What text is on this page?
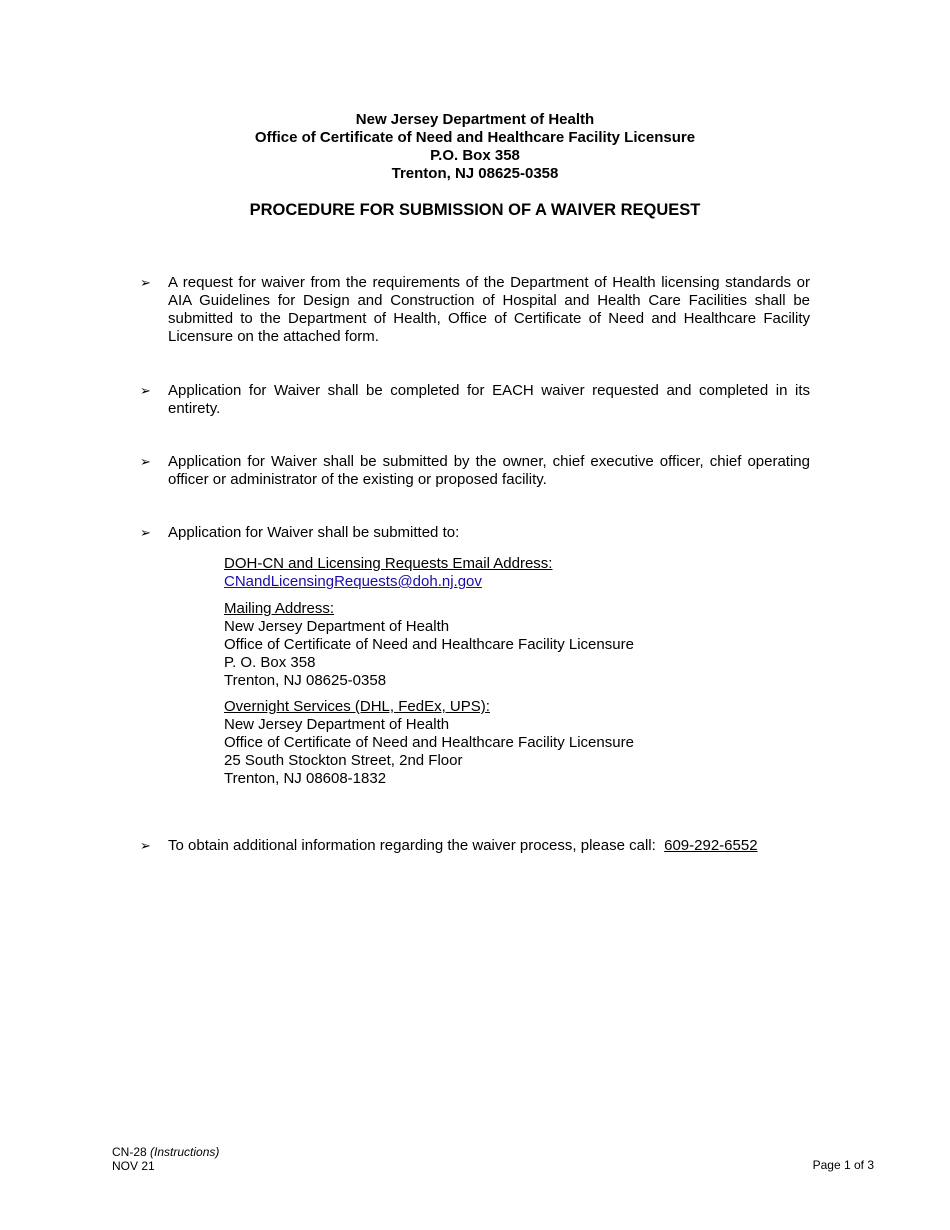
New Jersey Department of Health
Office of Certificate of Need and Healthcare Facility Licensure
P.O. Box 358
Trenton, NJ 08625-0358
PROCEDURE FOR SUBMISSION OF A WAIVER REQUEST
➢ A request for waiver from the requirements of the Department of Health licensing standards or AIA Guidelines for Design and Construction of Hospital and Health Care Facilities shall be submitted to the Department of Health, Office of Certificate of Need and Healthcare Facility Licensure on the attached form.
➢ Application for Waiver shall be completed for EACH waiver requested and completed in its entirety.
➢ Application for Waiver shall be submitted by the owner, chief executive officer, chief operating officer or administrator of the existing or proposed facility.
➢ Application for Waiver shall be submitted to:
DOH-CN and Licensing Requests Email Address:
CNandLicensingRequests@doh.nj.gov
Mailing Address:
New Jersey Department of Health
Office of Certificate of Need and Healthcare Facility Licensure
P. O. Box 358
Trenton, NJ 08625-0358
Overnight Services (DHL, FedEx, UPS):
New Jersey Department of Health
Office of Certificate of Need and Healthcare Facility Licensure
25 South Stockton Street, 2nd Floor
Trenton, NJ 08608-1832
➢ To obtain additional information regarding the waiver process, please call:  609-292-6552
CN-28 (Instructions)
NOV 21	Page 1 of 3
